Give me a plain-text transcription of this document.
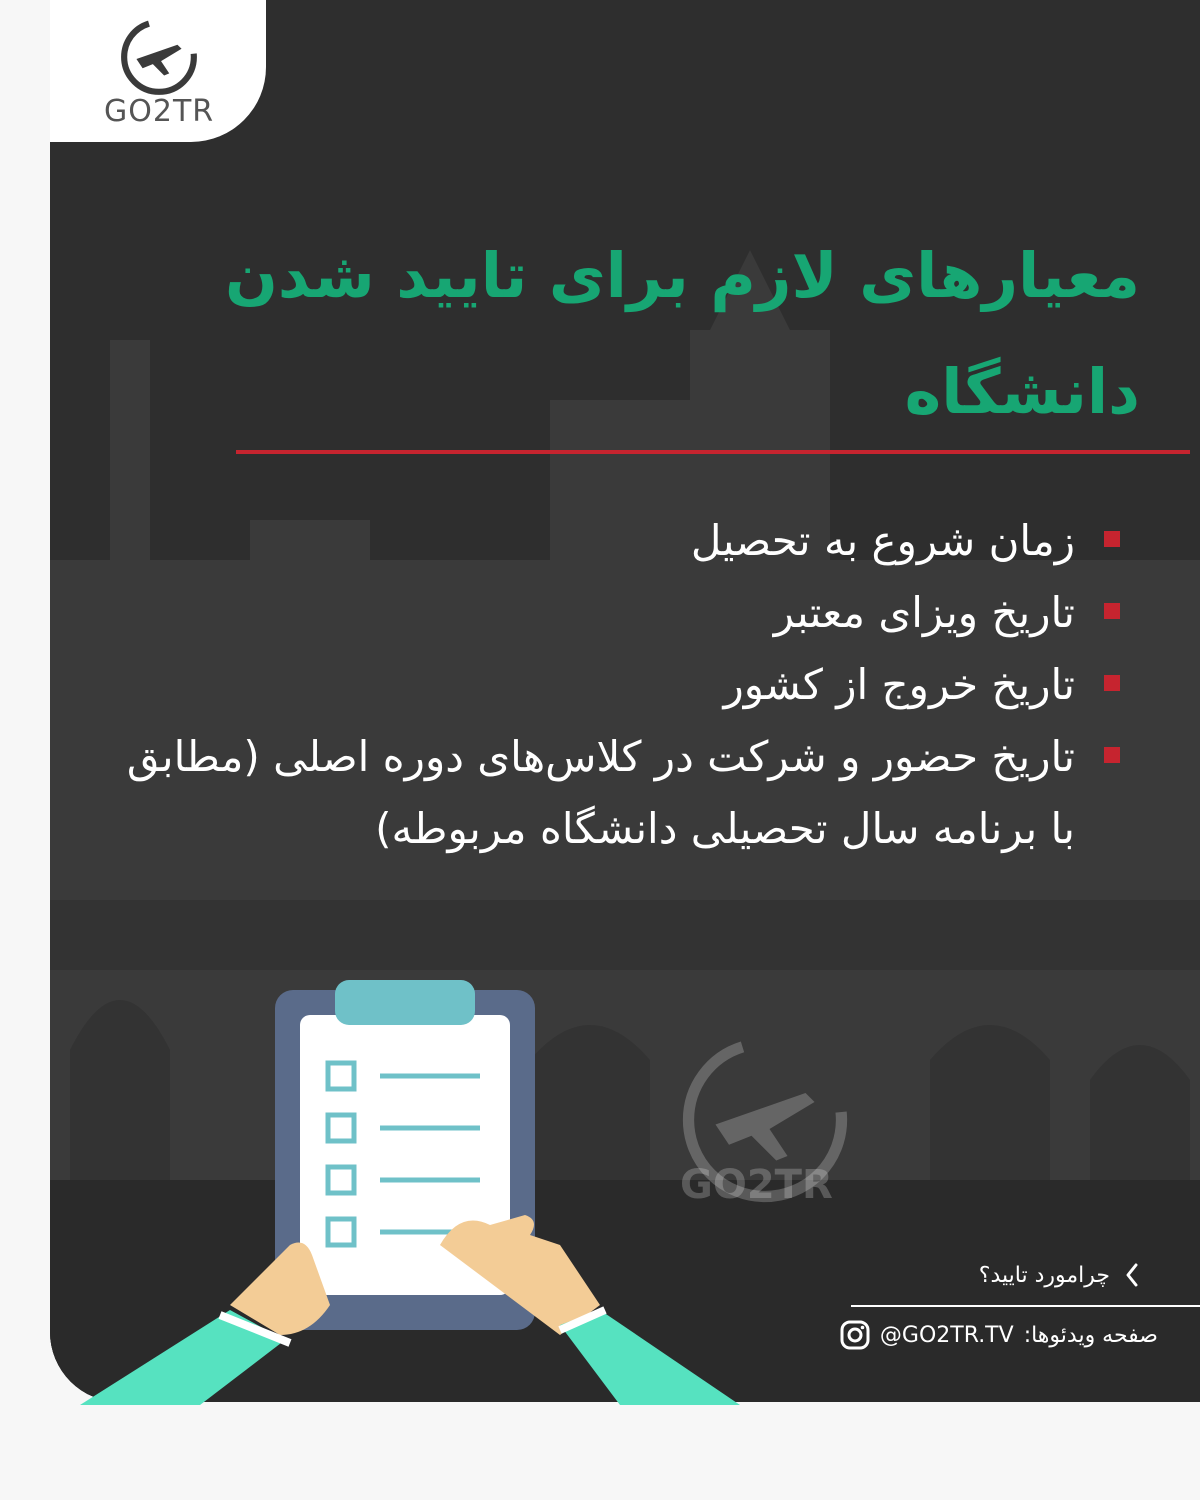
GO2TR
معیارهای لازم برای تایید شدن دانشگاه
زمان شروع به تحصیل
تاریخ ویزای معتبر
تاریخ خروج از کشور
تاریخ حضور و شرکت در کلاس‌های دوره اصلی (مطابق با برنامه سال تحصیلی دانشگاه مربوطه)
GO2TR
چرامورد تایید؟
@GO2TR.TV صفحه ویدئوها:
